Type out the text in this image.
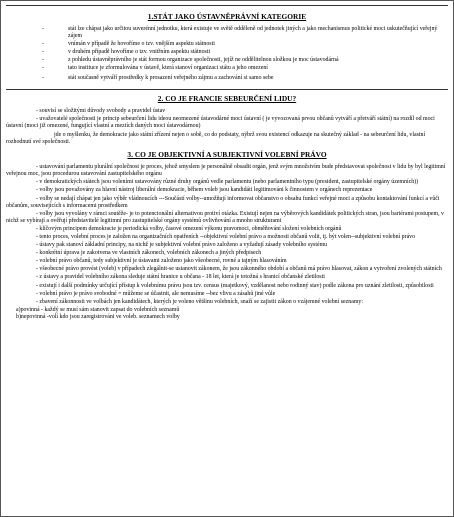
1.STÁT JAKO ÚSTAVNĚPRÁVNÍ KATEGORIE
- stát lze chápat jako určitou suverénní jednotku, která existuje ve světě odděleně od jednotek jiných a jako mechanismus politické moci uskutečňující veřejný zájem
- vnímán v případě že hovoříme o tzv. vnějším aspektu státnosti
- v druhém případě hovoříme o tzv. vnitřním aspektu státnosti
- z pohledu ústavněprávního je stát formou organizace společnosti, jejíž ne oddělitelnou složkou je moc ústavodárná
- tato instituce je zformulována v ústavě, která stanoví organizaci státu a jeho omezení
- stát současně vytváří prostředky k prosazení veřejného zájmu a zachování si samo sebe
2. CO JE FRANCIE SEBEURČENÍ LIDU?
- souvisí se složitými důvody svobody a pravidel ústav
- uvažovatelé společnosti je princip sebeurčení lidu ideou neomezené ústavodárné moci ústavní ( je vyvozovaná prvou občanů vytváří a přetváří státní) na rozdíl od moci ústavní (moci již omezené, fungující vlastní a meziích daných moci ústavodárnou)
jde o myšlenku, že demokracie jako státní zřízení nejen o sobě, co do podstaty, nýbrž svou existencí odkazuje na skutečný základ - na sebeurčení lidu, vlastní rozhodnutí své společnosti.
3. CO JE OBJEKTIVNÍ A SUBJEKTIVNÍ VOLEBNÍ PRÁVO
- ustavování parlamentu plurální společnost je proces, jehož smyslem je personálně obsadit orgán, jenž svým množstvím bude představovat společnost v lidu by byl legitimní veřejnou moc, jsou procedurou ustavování zastupitelského orgánu
- v demokratických státech jsou voleními ustavovány různé druhy orgánů vedle parlamentu (nebo parlamentního typu (president, zastupitelské orgány územních))
- volby jsou považovány za hlavní nástroj liberální demokracie, během voleb jsou kandidáti legitimováni k činnostem v orgánech reprezentace
- volby se nedají chápat jen jako výběr vládnoucích ---Součástí volby--umožňují informovat občanstvo o obsahu funkcí veřejné moci a způsobu kontaktování funkcí a vůči občanům, souvisejících s informacemi prostředkem
- volby jsou vyvolány v rámci soutěže- je to potencionální alternativou protiví otázka. Existují nejen na výběrových kandidátek politických stran, jsou bariérami postupem, v nichž se vybírají a ověřují představitelé legitimní pro zastupitelské orgány systémů ovlivňování a mnoho strukturami
- klíčovým principem demokracie je periodická volby, časové omezení výkonu pravomoci, obměňování složení volebních orgánů
- tento proces, volební proces je založen na organizačních opatřeních --objektivní volební právo a možnosti občanů volit, tj. být volen--subjektivní volební právo
- ústavy pak stanoví základní principy, na nichž je subjektivní volební právo založeno a vyžadují zásady volebního systému
- konkrétní úprava je zakotvena ve vlastních zákonech, volebních zákonech a jiných předpisech
- volební právo občanů, tedy subjektivní je ústavami založeno jako všeobecné, rovné a tajným hlasováním
- všeobecné právo provést (voleb) v případech zlegálnit-se ustanovit zákonem, že jsou zákonného období a občanů má právo hlasovat, zákon a vytvoření zvolených státních
- z ústavy a pravidel volebního zákona sleduje státní hranice u občana - 18 let, která je totožná s hranicí občanské zletilosti
- existují i další podmínky určující přístup k volebnímu právu jsou tzv. census (majetkový, vzdělanost nebo rodinný stav) podle zákona pro uznání zletilosti, způsobilosti
- volební právo je právo svobodné = můžeme se účastnit, ale nemusíme --bez vlivu a zásahů jiné vůle
- zbavení zákonnosti ve volbách jen kandidátech, kterých je voleno většinu volebních, snaží se zajistit zákon o vzájemné volební seznamy:
a)povinná - každý se musí sám stanovit zapsat do volebních seznamů
b)nepovinná -volí kdo jsou zaregistrováni ve voleb. seznamech volby
